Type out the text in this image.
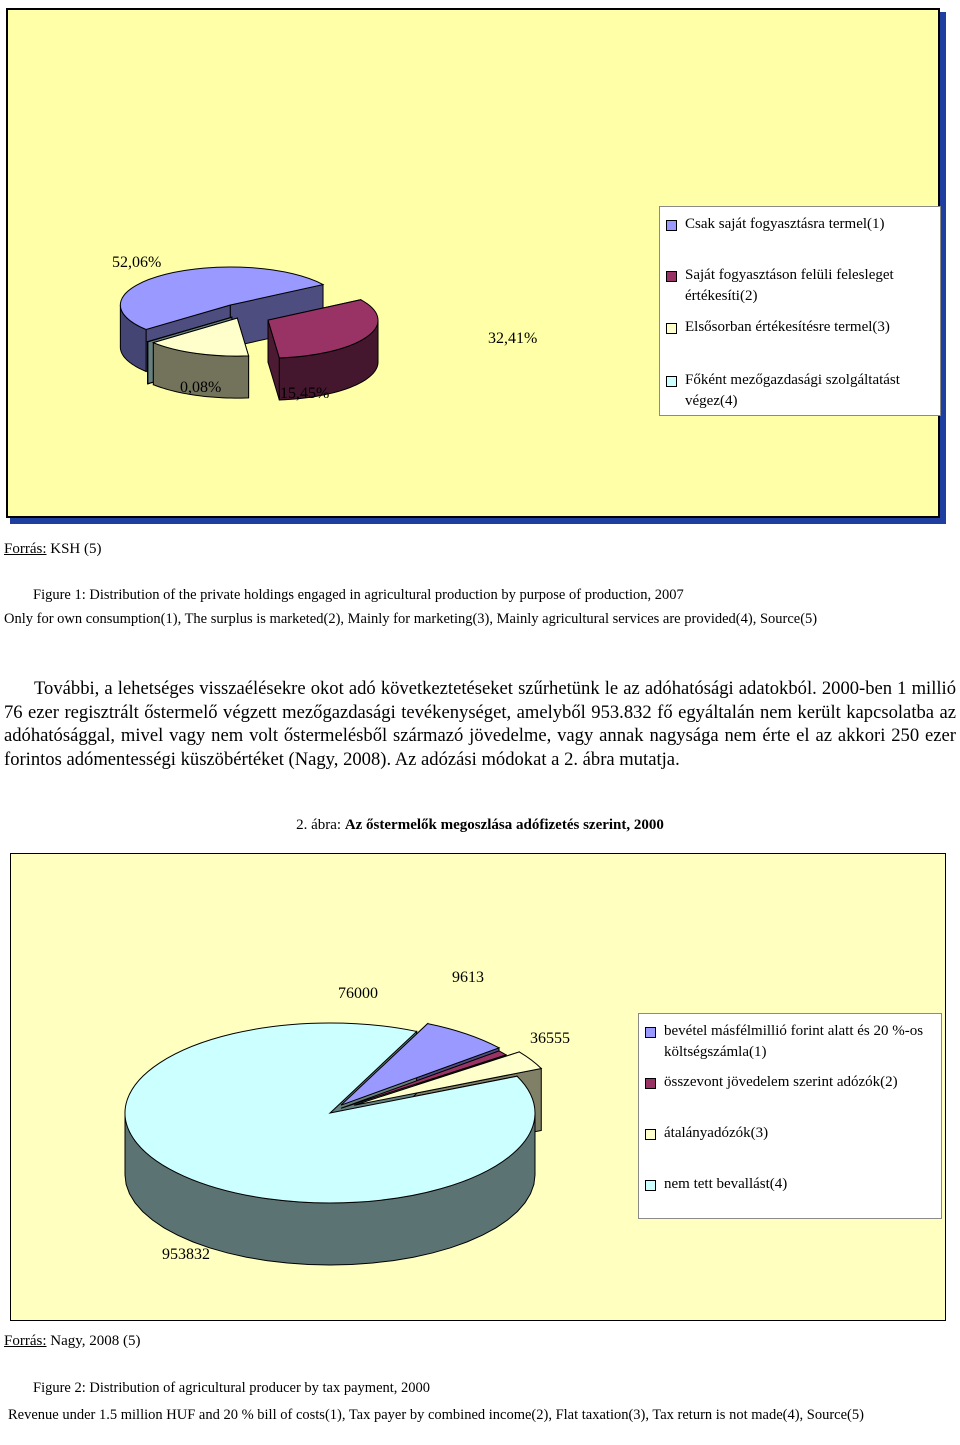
52,06%
32,41%
15,45%
0,08%
Csak saját fogyasztásra termel(1)
Saját fogyasztáson felüli felesleget értékesíti(2)
Elsősorban értékesítésre termel(3)
Főként mezőgazdasági szolgáltatást végez(4)
Forrás: KSH (5)
Figure 1: Distribution of the private holdings engaged in agricultural production by purpose of production, 2007
Only for own consumption(1), The surplus is marketed(2), Mainly for marketing(3), Mainly agricultural services are provided(4), Source(5)

További, a lehetséges visszaélésekre okot adó következtetéseket szűrhetünk le az adóhatósági adatokból. 2000-ben 1 millió 76 ezer regisztrált őstermelő végzett mezőgazdasági tevékenységet, amelyből 953.832 fő egyáltalán nem került kapcsolatba az adóhatósággal, mivel vagy nem volt őstermelésből származó jövedelme, vagy annak nagysága nem érte el az akkori 250 ezer forintos adómentességi küszöbértéket (Nagy, 2008). Az adózási módokat a 2. ábra mutatja.

2. ábra: Az őstermelők megoszlása adófizetés szerint, 2000
76000
9613
36555
953832
bevétel másfélmillió forint alatt és 20 %-os költségszámla(1)
összevont jövedelem szerint adózók(2)
átalányadózók(3)
nem tett bevallást(4)
Forrás: Nagy, 2008 (5)
Figure 2: Distribution of agricultural producer by tax payment, 2000
Revenue under 1.5 million HUF and 20 % bill of costs(1), Tax payer by combined income(2), Flat taxation(3), Tax return is not made(4), Source(5)
